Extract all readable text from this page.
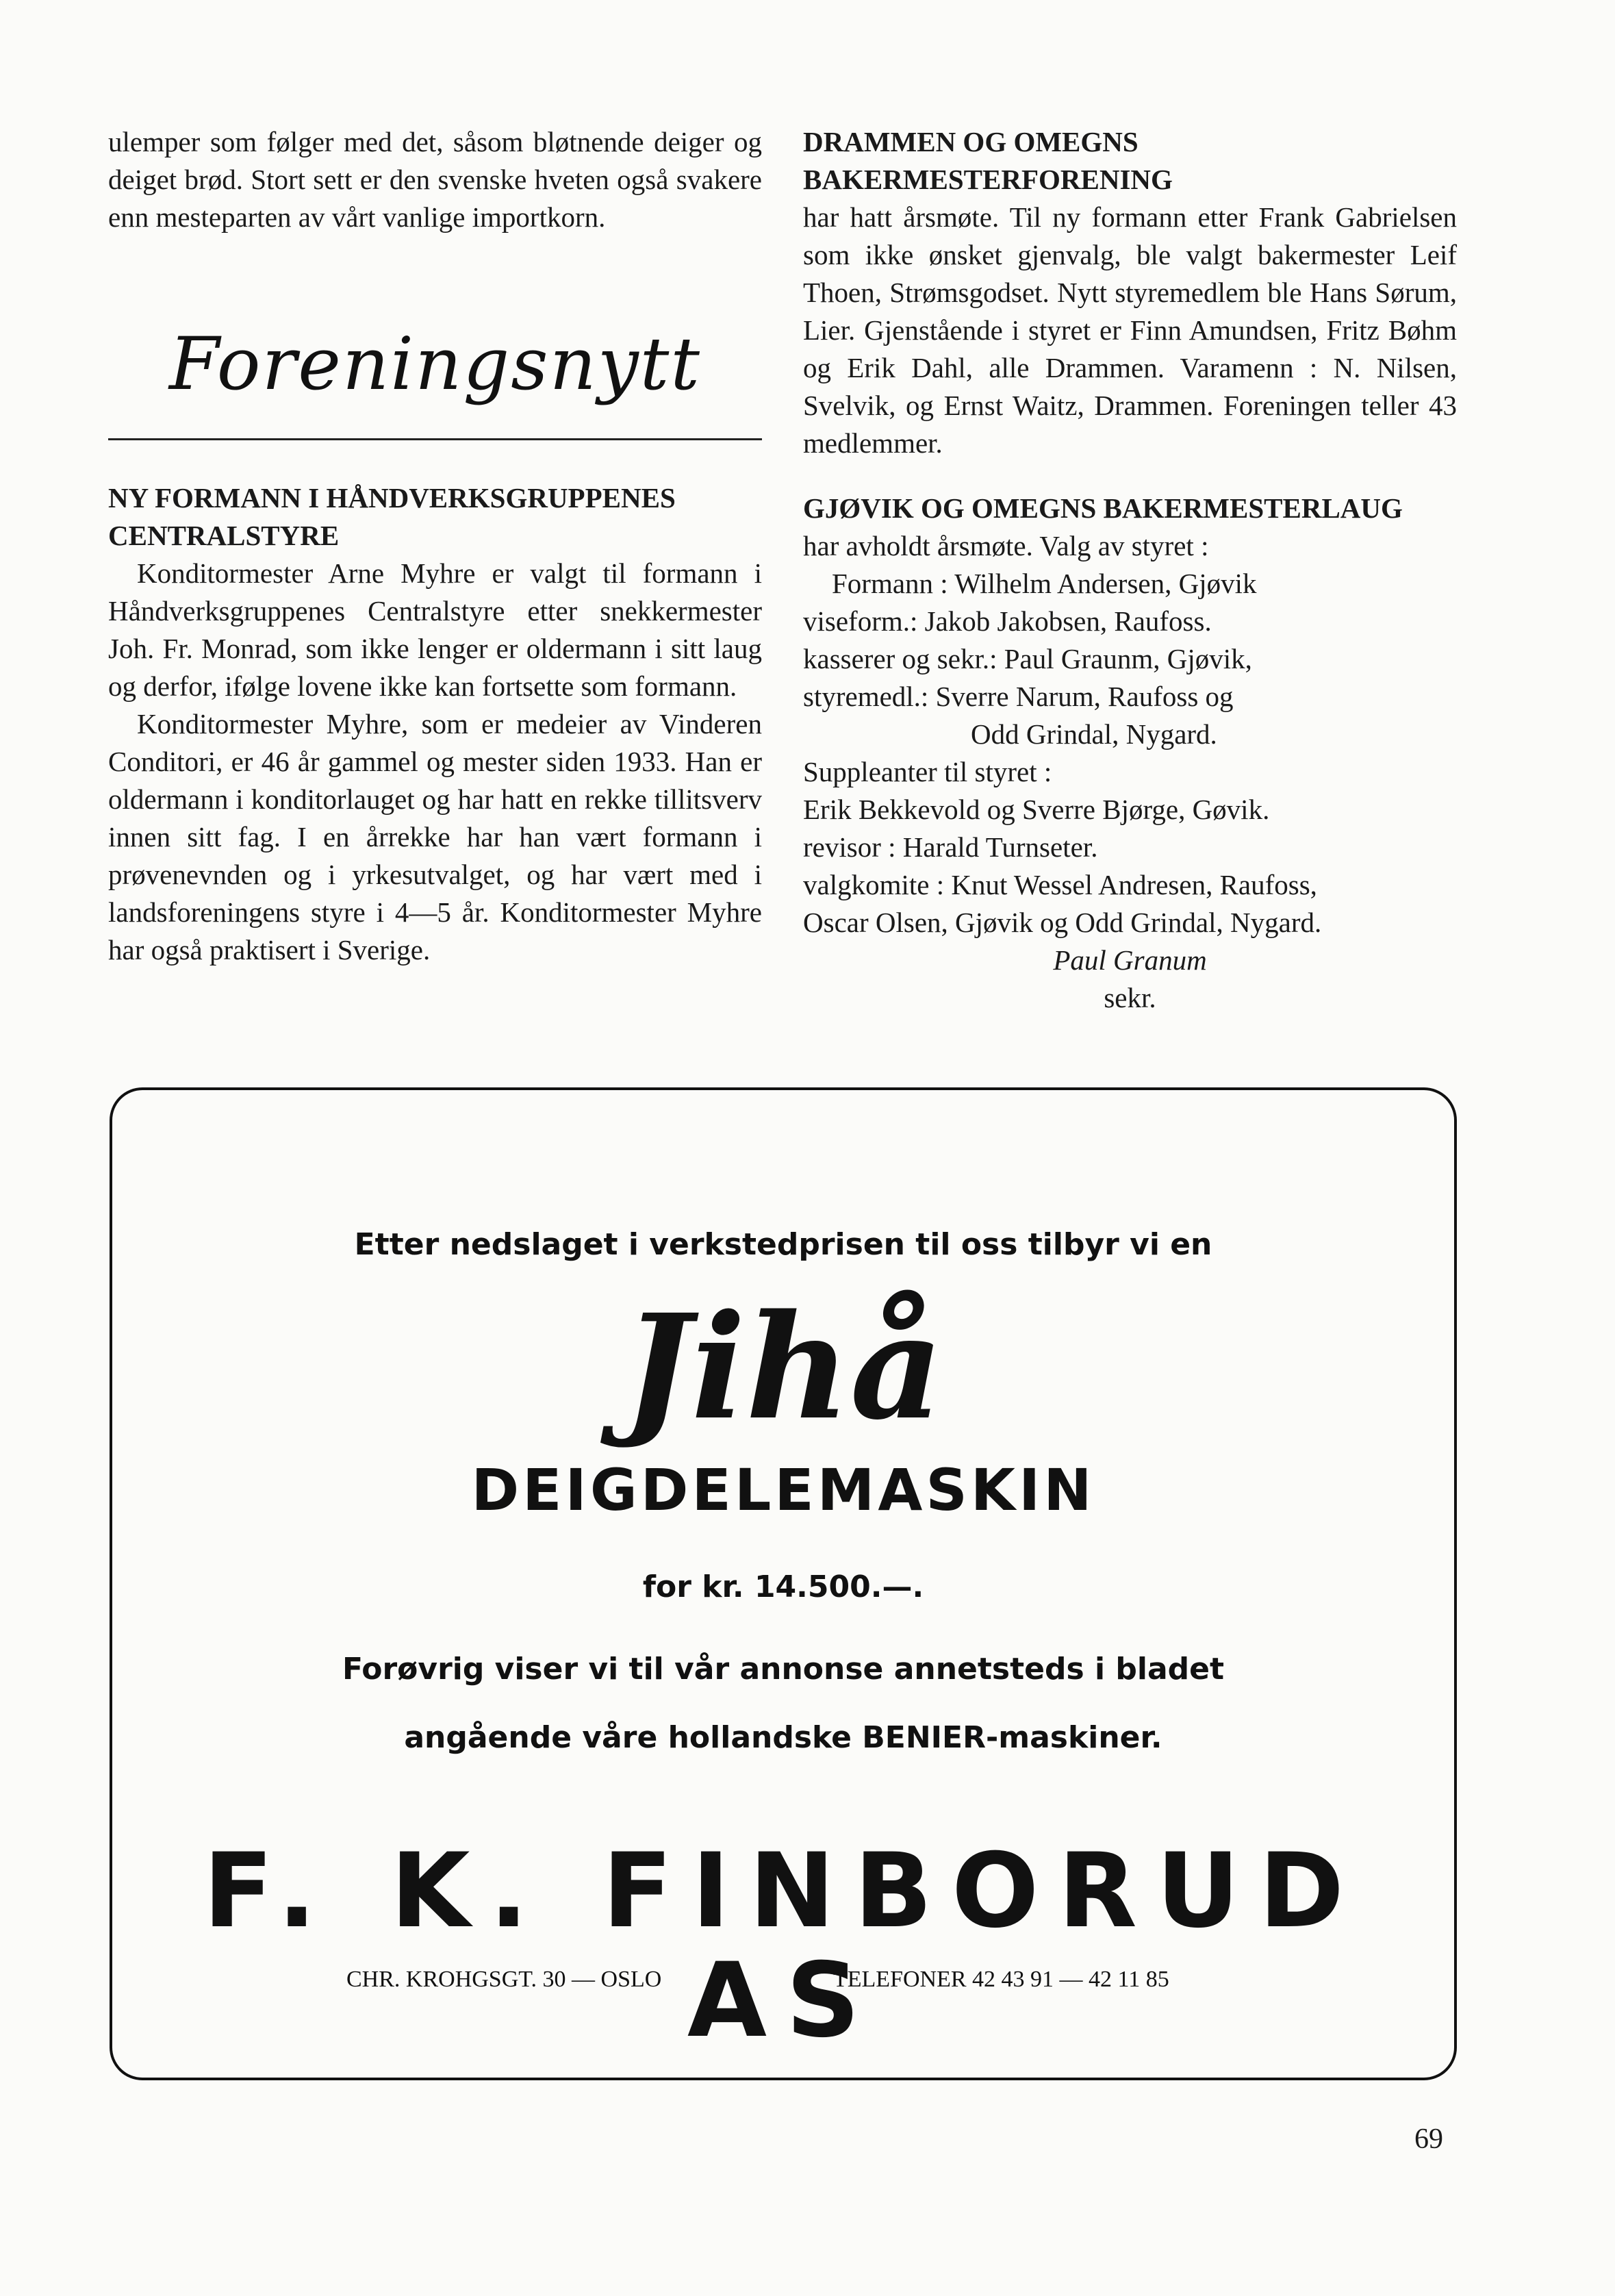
ulemper som følger med det, såsom bløtnende deiger og deiget brød. Stort sett er den svenske hveten også svakere enn mesteparten av vårt vanlige importkorn.

Foreningsnytt
NY FORMANN I HÅNDVERKSGRUPPENES CENTRALSTYRE

Konditormester Arne Myhre er valgt til formann i Håndverksgruppenes Centralstyre etter snekkermester Joh. Fr. Monrad, som ikke lenger er oldermann i sitt laug og derfor, ifølge lovene ikke kan fortsette som formann.

Konditormester Myhre, som er medeier av Vinderen Conditori, er 46 år gammel og mester siden 1933. Han er oldermann i konditorlauget og har hatt en rekke tillitsverv innen sitt fag. I en årrekke har han vært formann i prøvenevnden og i yrkesutvalget, og har vært med i landsforeningens styre i 4—5 år. Konditormester Myhre har også praktisert i Sverige.

DRAMMEN OG OMEGNS BAKERMESTERFORENING

har hatt årsmøte. Til ny formann etter Frank Gabrielsen som ikke ønsket gjenvalg, ble valgt bakermester Leif Thoen, Strømsgodset. Nytt styremedlem ble Hans Sørum, Lier. Gjenstående i styret er Finn Amundsen, Fritz Bøhm og Erik Dahl, alle Drammen. Varamenn : N. Nilsen, Svelvik, og Ernst Waitz, Drammen. Foreningen teller 43 medlemmer.

GJØVIK OG OMEGNS BAKERMESTERLAUG
har avholdt årsmøte. Valg av styret :
Formann : Wilhelm Andersen, Gjøvik
viseform.: Jakob Jakobsen, Raufoss.
kasserer og sekr.: Paul Graunm, Gjøvik,
styremedl.: Sverre Narum, Raufoss og
Odd Grindal, Nygard.
Suppleanter til styret :
Erik Bekkevold og Sverre Bjørge, Gøvik.
revisor : Harald Turnseter.
valgkomite : Knut Wessel Andresen, Raufoss,
Oscar Olsen, Gjøvik og Odd Grindal, Nygard.
Paul Granum
sekr.
Etter nedslaget i verkstedprisen til oss tilbyr vi en
Jihå
DEIGDELEMASKIN
for kr. 14.500.—.
Forøvrig viser vi til vår annonse annetsteds i bladet
angående våre hollandske BENIER-maskiner.
F. K. FINBORUD AS
CHR. KROHGSGT. 30 — OSLO	TELEFONER 42 43 91 — 42 11 85
69
